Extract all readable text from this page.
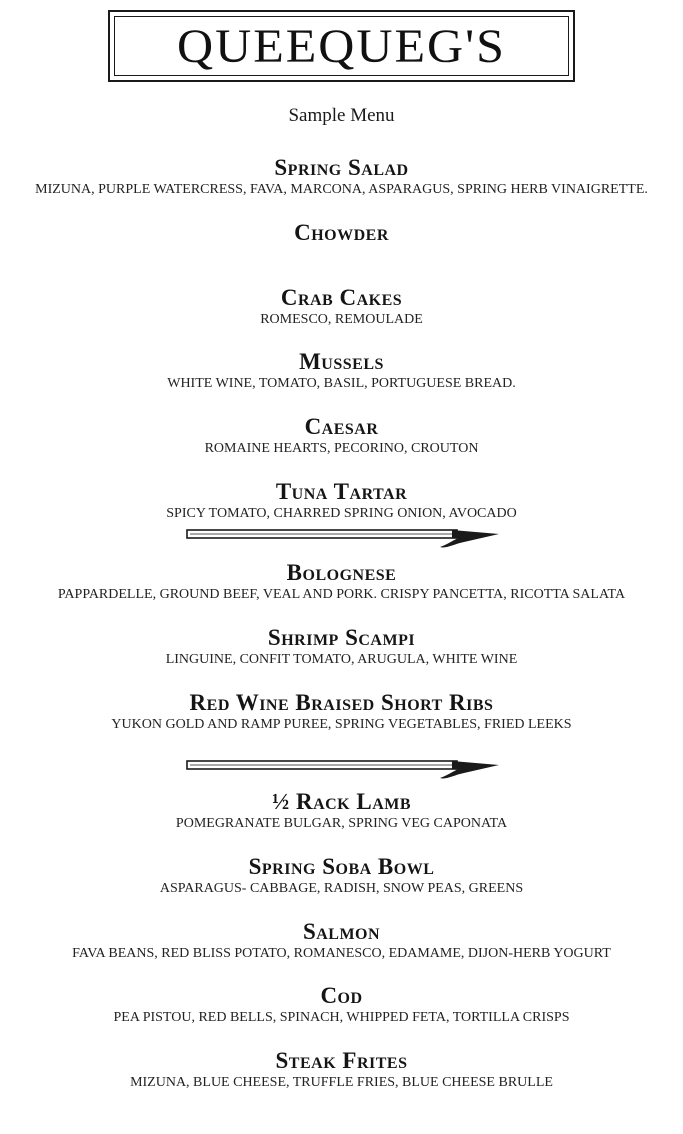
QUEEQUEG'S
Sample Menu
Spring Salad
MIZUNA, PURPLE WATERCRESS, FAVA, MARCONA, ASPARAGUS, SPRING HERB VINAIGRETTE.
Chowder
Crab Cakes
ROMESCO, REMOULADE
Mussels
WHITE WINE, TOMATO, BASIL, PORTUGUESE BREAD.
Caesar
ROMAINE HEARTS, PECORINO, CROUTON
Tuna Tartar
SPICY TOMATO, CHARRED SPRING ONION, AVOCADO
Bolognese
PAPPARDELLE, GROUND BEEF, VEAL AND PORK. CRISPY PANCETTA, RICOTTA SALATA
Shrimp Scampi
LINGUINE, CONFIT TOMATO, ARUGULA, WHITE WINE
Red Wine Braised Short Ribs
YUKON GOLD AND RAMP PUREE, SPRING VEGETABLES, FRIED LEEKS
½ Rack Lamb
POMEGRANATE BULGAR, SPRING VEG CAPONATA
Spring Soba Bowl
ASPARAGUS- CABBAGE, RADISH, SNOW PEAS, GREENS
Salmon
FAVA BEANS, RED BLISS POTATO, ROMANESCO, EDAMAME, DIJON-HERB YOGURT
Cod
PEA PISTOU, RED BELLS, SPINACH, WHIPPED FETA, TORTILLA CRISPS
Steak Frites
MIZUNA, BLUE CHEESE, TRUFFLE FRIES, BLUE CHEESE BRULLE
